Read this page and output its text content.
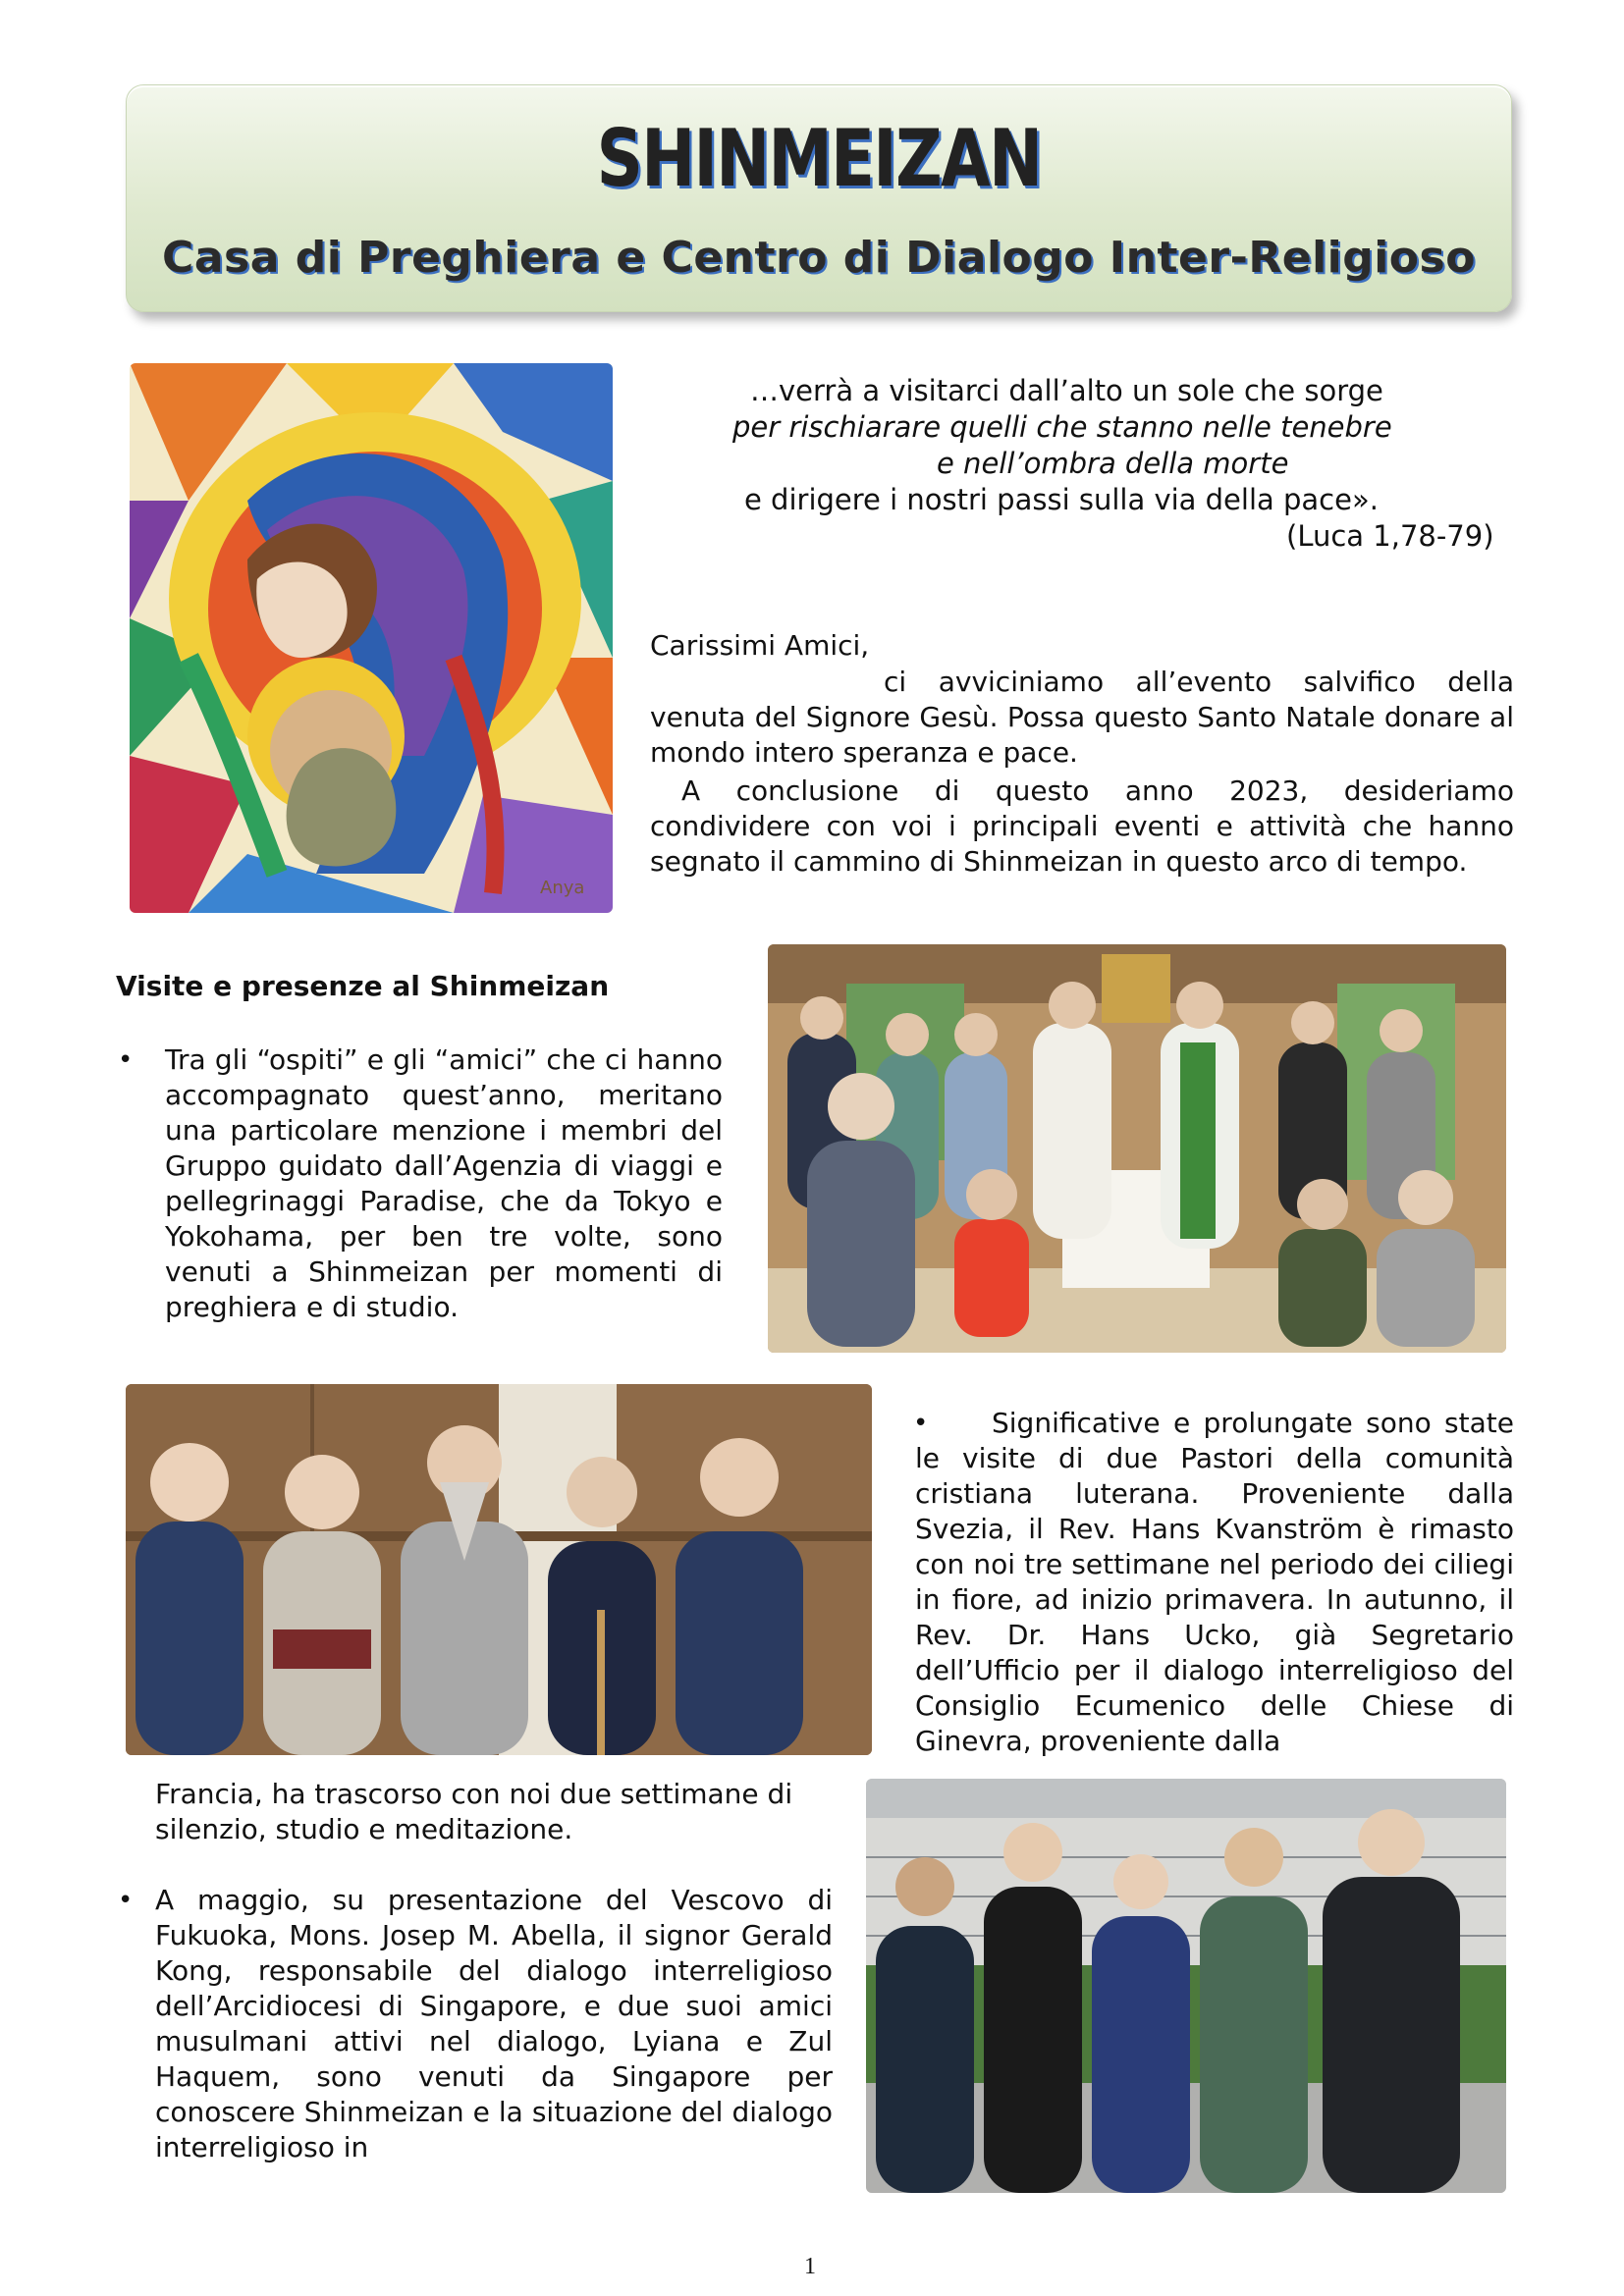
SHINMEIZAN
Casa di Preghiera e Centro di Dialogo Inter-Religioso
Anya
…verrà a visitarci dall’alto un sole che sorge
per rischiarare quelli che stanno nelle tenebre
e nell’ombra della morte
e dirigere i nostri passi sulla via della pace».
(Luca 1,78-79)
Carissimi Amici,
ci avviciniamo all’evento salvifico della venuta del Signore Gesù. Possa questo Santo Natale donare al mondo intero speranza e pace.
A conclusione di questo anno 2023, desideriamo condividere con voi i principali eventi e attività che hanno segnato il cammino di Shinmeizan in questo arco di tempo.
Visite e presenze al Shinmeizan
• Tra gli “ospiti” e gli “amici” che ci hanno accompagnato quest’anno, meritano una particolare menzione i membri del Gruppo guidato dall’Agenzia di viaggi e pellegrinaggi Paradise, che da Tokyo e Yokohama, per ben tre volte, sono venuti a Shinmeizan per momenti di preghiera e di studio.
•	Significative e prolungate sono state le visite di due Pastori della comunità cristiana luterana. Proveniente dalla Svezia, il Rev. Hans Kvanström è rimasto con noi tre settimane nel periodo dei ciliegi in fiore, ad inizio primavera. In autunno, il Rev. Dr. Hans Ucko, già Segretario dell’Ufficio per il dialogo interreligioso del Consiglio Ecumenico delle Chiese di Ginevra, proveniente dalla
Francia, ha trascorso con noi due settimane di silenzio, studio e meditazione.
• A maggio, su presentazione del Vescovo di Fukuoka, Mons. Josep M. Abella, il signor Gerald Kong, responsabile del dialogo interreligioso dell’Arcidiocesi di Singapore, e due suoi amici musulmani attivi nel dialogo, Lyiana e Zul Haquem, sono venuti da Singapore per conoscere Shinmeizan e la situazione del dialogo interreligioso in
1
